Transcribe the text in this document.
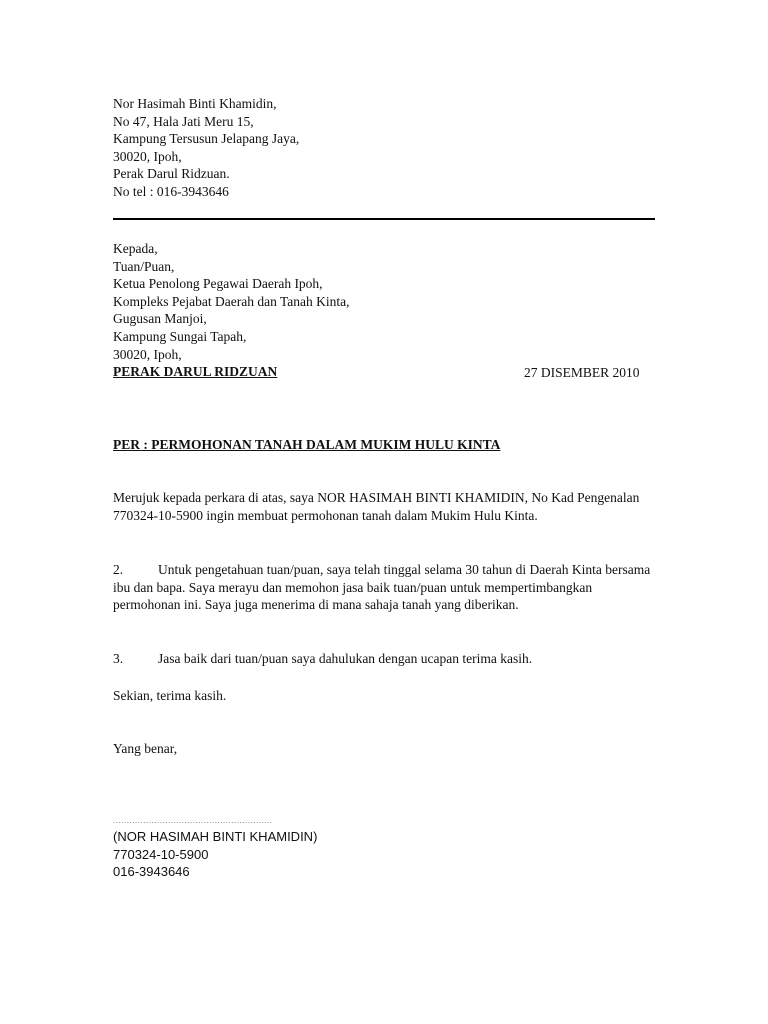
Nor Hasimah Binti Khamidin,
No 47, Hala Jati Meru 15,
Kampung Tersusun Jelapang Jaya,
30020, Ipoh,
Perak Darul Ridzuan.
No tel : 016-3943646
Kepada,
Tuan/Puan,
Ketua Penolong Pegawai Daerah Ipoh,
Kompleks Pejabat Daerah dan Tanah Kinta,
Gugusan Manjoi,
Kampung Sungai Tapah,
30020, Ipoh,
PERAK DARUL RIDZUAN	27 DISEMBER 2010
PER : PERMOHONAN TANAH DALAM MUKIM HULU KINTA
Merujuk kepada perkara di atas, saya NOR HASIMAH BINTI KHAMIDIN, No Kad Pengenalan 770324-10-5900 ingin membuat permohonan tanah dalam Mukim Hulu Kinta.
2.	Untuk pengetahuan tuan/puan, saya telah tinggal selama 30 tahun di Daerah Kinta bersama ibu dan bapa. Saya merayu dan memohon jasa baik tuan/puan untuk mempertimbangkan permohonan ini. Saya juga menerima di mana sahaja tanah yang diberikan.
3.	Jasa baik dari tuan/puan saya dahulukan dengan ucapan terima kasih.
Sekian, terima kasih.
Yang benar,
..........................................................
(NOR HASIMAH BINTI KHAMIDIN)
770324-10-5900
016-3943646
